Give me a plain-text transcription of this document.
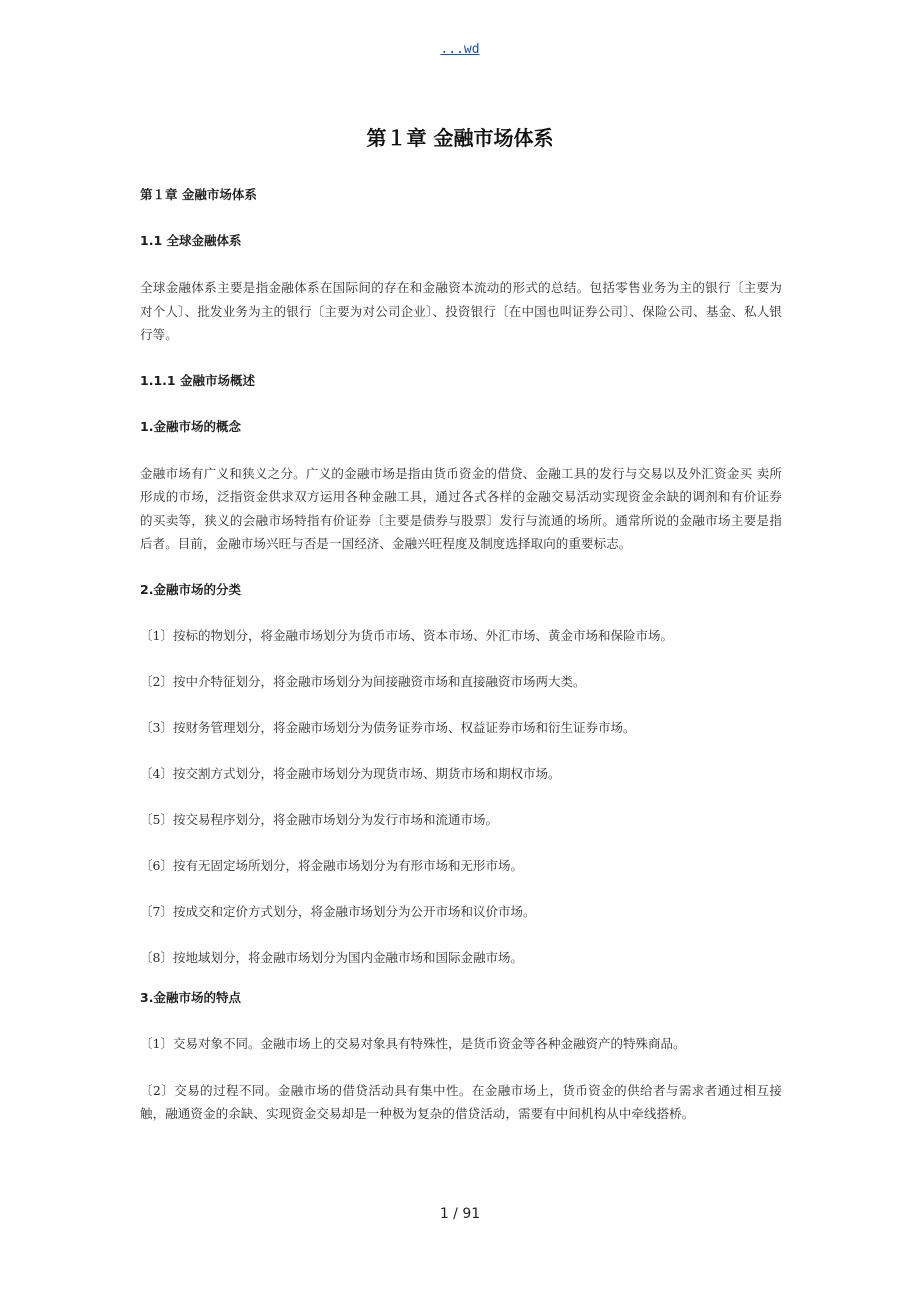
...wd
第１章 金融市场体系
第１章 金融市场体系
1.1 全球金融体系
全球金融体系主要是指金融体系在国际间的存在和金融资本流动的形式的总结。包括零售业务为主的银行〔主要为对个人〕、批发业务为主的银行〔主要为对公司企业〕、投资银行〔在中国也叫证券公司〕、保险公司、基金、私人银行等。
1.1.1 金融市场概述
1.金融市场的概念
金融市场有广义和狭义之分。广义的金融市场是指由货币资金的借贷、金融工具的发行与交易以及外汇资金买 卖所形成的市场，泛指资金供求双方运用各种金融工具，通过各式各样的金融交易活动实现资金余缺的调剂和有价证券的买卖等，狭义的会融市场特指有价证券〔主要是债券与股票〕发行与流通的场所。通常所说的金融市场主要是指后者。目前，金融市场兴旺与否是一国经济、金融兴旺程度及制度选择取向的重要标志。
2.金融市场的分类
〔1〕按标的物划分，将金融市场划分为货币市场、资本市场、外汇市场、黄金市场和保险市场。
〔2〕按中介特征划分，将金融市场划分为间接融资市场和直接融资市场两大类。
〔3〕按财务管理划分，将金融市场划分为债务证券市场、权益证券市场和衍生证券市场。
〔4〕按交割方式划分，将金融市场划分为现货市场、期货市场和期权市场。
〔5〕按交易程序划分，将金融市场划分为发行市场和流通市场。
〔6〕按有无固定场所划分，将金融市场划分为有形市场和无形市场。
〔7〕按成交和定价方式划分，将金融市场划分为公开市场和议价市场。
〔8〕按地域划分，将金融市场划分为国内金融市场和国际金融市场。
3.金融市场的特点
〔1〕交易对象不同。金融市场上的交易对象具有特殊性，是货币资金等各种金融资产的特殊商品。
〔2〕交易的过程不同。金融市场的借贷活动具有集中性。在金融市场上，货币资金的供给者与需求者通过相互接触，融通资金的余缺、实现资金交易却是一种极为复杂的借贷活动，需要有中间机构从中牵线搭桥。
1 / 91
